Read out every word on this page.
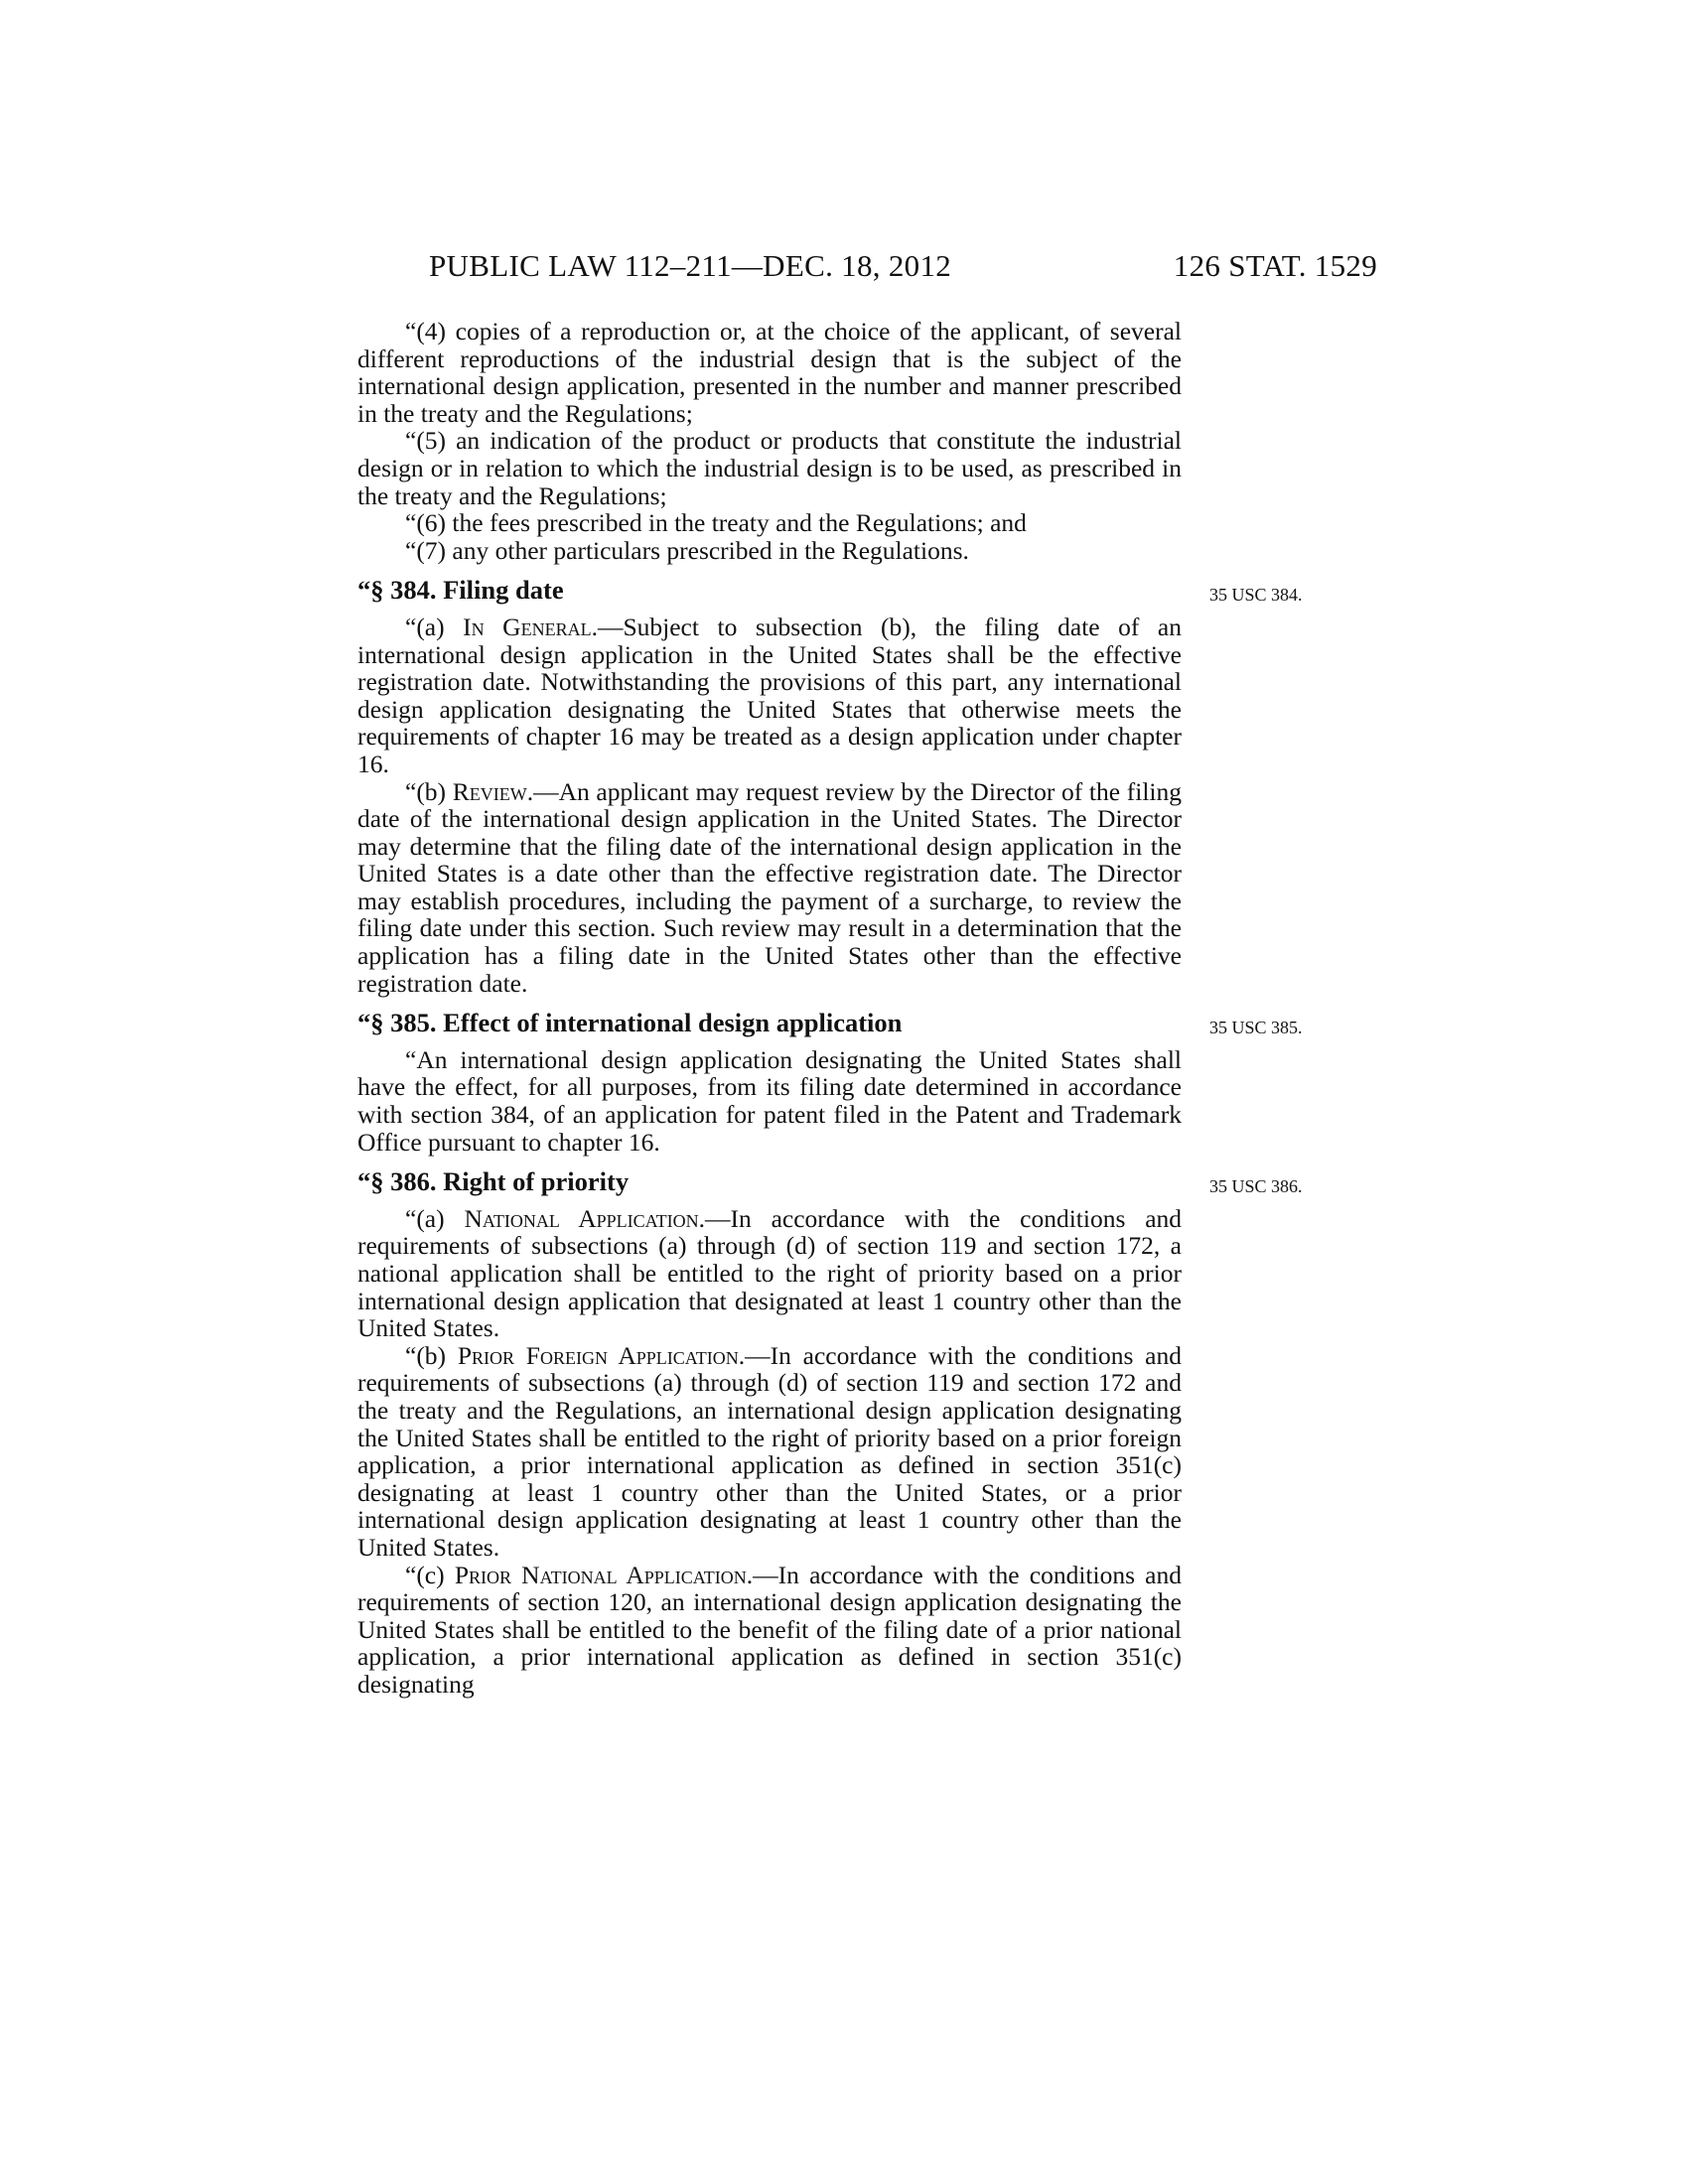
PUBLIC LAW 112–211—DEC. 18, 2012	126 STAT. 1529

“(4) copies of a reproduction or, at the choice of the applicant, of several different reproductions of the industrial design that is the subject of the international design application, presented in the number and manner prescribed in the treaty and the Regulations;

“(5) an indication of the product or products that constitute the industrial design or in relation to which the industrial design is to be used, as prescribed in the treaty and the Regulations;

“(6) the fees prescribed in the treaty and the Regulations; and

“(7) any other particulars prescribed in the Regulations.

“§ 384. Filing date	35 USC 384.

“(a) In General.—Subject to subsection (b), the filing date of an international design application in the United States shall be the effective registration date. Notwithstanding the provisions of this part, any international design application designating the United States that otherwise meets the requirements of chapter 16 may be treated as a design application under chapter 16.

“(b) Review.—An applicant may request review by the Director of the filing date of the international design application in the United States. The Director may determine that the filing date of the international design application in the United States is a date other than the effective registration date. The Director may establish procedures, including the payment of a surcharge, to review the filing date under this section. Such review may result in a determination that the application has a filing date in the United States other than the effective registration date.

“§ 385. Effect of international design application	35 USC 385.

“An international design application designating the United States shall have the effect, for all purposes, from its filing date determined in accordance with section 384, of an application for patent filed in the Patent and Trademark Office pursuant to chapter 16.

“§ 386. Right of priority	35 USC 386.

“(a) National Application.—In accordance with the conditions and requirements of subsections (a) through (d) of section 119 and section 172, a national application shall be entitled to the right of priority based on a prior international design application that designated at least 1 country other than the United States.

“(b) Prior Foreign Application.—In accordance with the conditions and requirements of subsections (a) through (d) of section 119 and section 172 and the treaty and the Regulations, an international design application designating the United States shall be entitled to the right of priority based on a prior foreign application, a prior international application as defined in section 351(c) designating at least 1 country other than the United States, or a prior international design application designating at least 1 country other than the United States.

“(c) Prior National Application.—In accordance with the conditions and requirements of section 120, an international design application designating the United States shall be entitled to the benefit of the filing date of a prior national application, a prior international application as defined in section 351(c) designating
